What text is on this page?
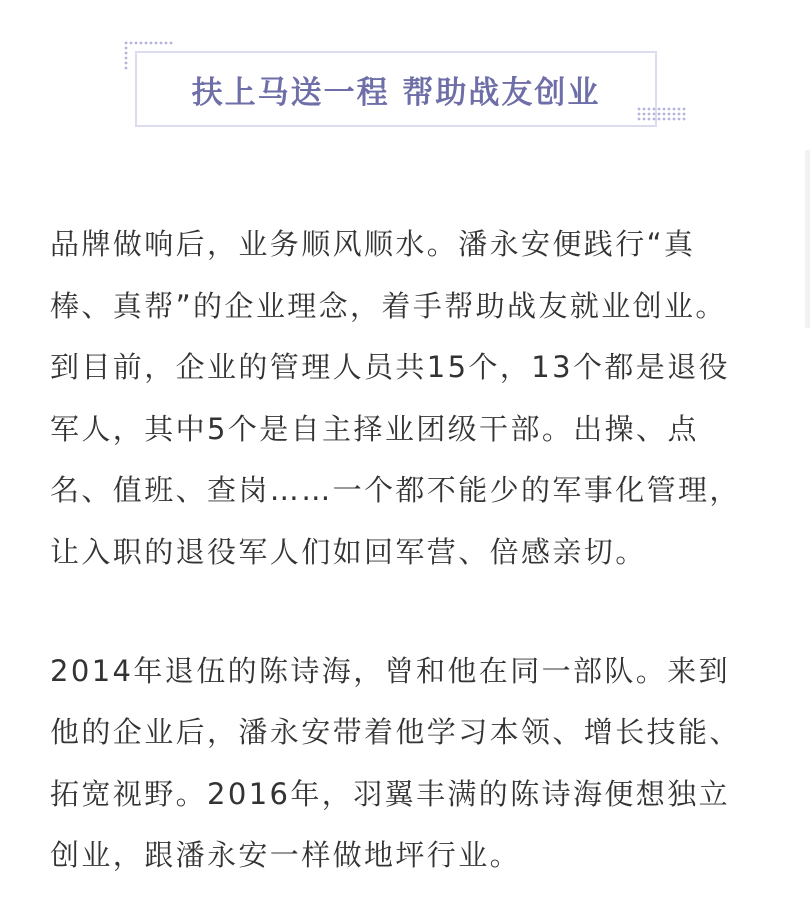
扶上马送一程 帮助战友创业

品牌做响后，业务顺风顺水。潘永安便践行“真
棒、真帮”的企业理念，着手帮助战友就业创业。
到目前，企业的管理人员共15个，13个都是退役
军人，其中5个是自主择业团级干部。出操、点
名、值班、查岗……一个都不能少的军事化管理，
让入职的退役军人们如回军营、倍感亲切。

2014年退伍的陈诗海，曾和他在同一部队。来到
他的企业后，潘永安带着他学习本领、增长技能、
拓宽视野。2016年，羽翼丰满的陈诗海便想独立
创业，跟潘永安一样做地坪行业。
